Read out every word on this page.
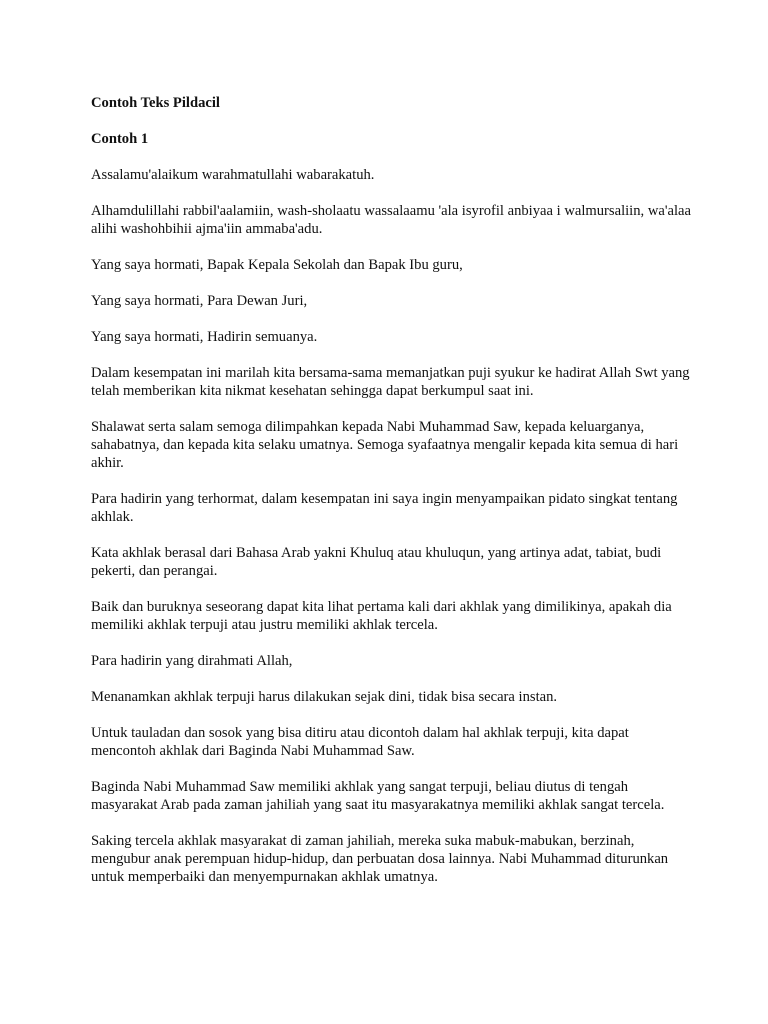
Contoh Teks Pildacil
Contoh 1

Assalamu'alaikum warahmatullahi wabarakatuh.

Alhamdulillahi rabbil'aalamiin, wash-sholaatu wassalaamu 'ala isyrofil anbiyaa i walmursaliin, wa'alaa alihi washohbihii ajma'iin ammaba'adu.

Yang saya hormati, Bapak Kepala Sekolah dan Bapak Ibu guru,

Yang saya hormati, Para Dewan Juri,

Yang saya hormati, Hadirin semuanya.

Dalam kesempatan ini marilah kita bersama-sama memanjatkan puji syukur ke hadirat Allah Swt yang telah memberikan kita nikmat kesehatan sehingga dapat berkumpul saat ini.

Shalawat serta salam semoga dilimpahkan kepada Nabi Muhammad Saw, kepada keluarganya, sahabatnya, dan kepada kita selaku umatnya. Semoga syafaatnya mengalir kepada kita semua di hari akhir.

Para hadirin yang terhormat, dalam kesempatan ini saya ingin menyampaikan pidato singkat tentang akhlak.

Kata akhlak berasal dari Bahasa Arab yakni Khuluq atau khuluqun, yang artinya adat, tabiat, budi pekerti, dan perangai.

Baik dan buruknya seseorang dapat kita lihat pertama kali dari akhlak yang dimilikinya, apakah dia memiliki akhlak terpuji atau justru memiliki akhlak tercela.

Para hadirin yang dirahmati Allah,

Menanamkan akhlak terpuji harus dilakukan sejak dini, tidak bisa secara instan.

Untuk tauladan dan sosok yang bisa ditiru atau dicontoh dalam hal akhlak terpuji, kita dapat mencontoh akhlak dari Baginda Nabi Muhammad Saw.

Baginda Nabi Muhammad Saw memiliki akhlak yang sangat terpuji, beliau diutus di tengah masyarakat Arab pada zaman jahiliah yang saat itu masyarakatnya memiliki akhlak sangat tercela.

Saking tercela akhlak masyarakat di zaman jahiliah, mereka suka mabuk-mabukan, berzinah, mengubur anak perempuan hidup-hidup, dan perbuatan dosa lainnya. Nabi Muhammad diturunkan untuk memperbaiki dan menyempurnakan akhlak umatnya.
